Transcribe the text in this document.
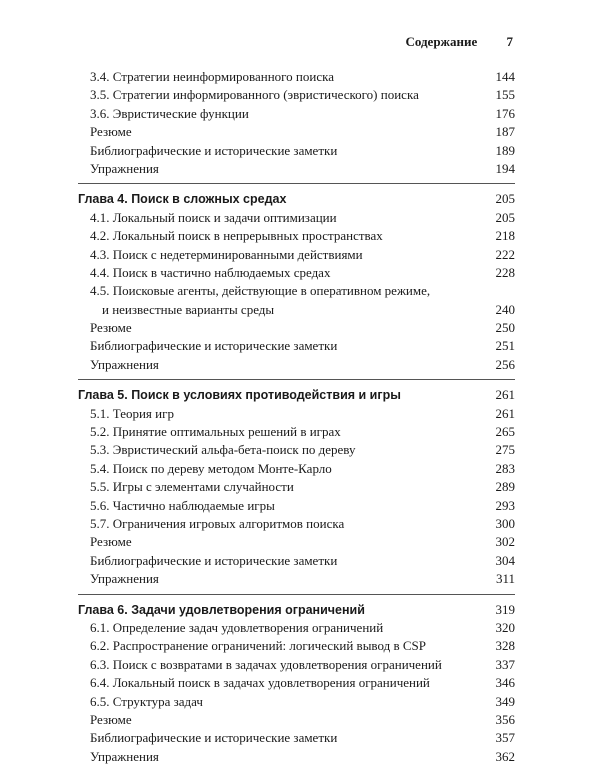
Содержание 7
3.4. Стратегии неинформированного поиска	144
3.5. Стратегии информированного (эвристического) поиска	155
3.6. Эвристические функции	176
Резюме	187
Библиографические и исторические заметки	189
Упражнения	194
Глава 4. Поиск в сложных средах	205
4.1. Локальный поиск и задачи оптимизации	205
4.2. Локальный поиск в непрерывных пространствах	218
4.3. Поиск с недетерминированными действиями	222
4.4. Поиск в частично наблюдаемых средах	228
4.5. Поисковые агенты, действующие в оперативном режиме,
и неизвестные варианты среды	240
Резюме	250
Библиографические и исторические заметки	251
Упражнения	256
Глава 5. Поиск в условиях противодействия и игры	261
5.1. Теория игр	261
5.2. Принятие оптимальных решений в играх	265
5.3. Эвристический альфа-бета-поиск по дереву	275
5.4. Поиск по дереву методом Монте-Карло	283
5.5. Игры с элементами случайности	289
5.6. Частично наблюдаемые игры	293
5.7. Ограничения игровых алгоритмов поиска	300
Резюме	302
Библиографические и исторические заметки	304
Упражнения	311
Глава 6. Задачи удовлетворения ограничений	319
6.1. Определение задач удовлетворения ограничений	320
6.2. Распространение ограничений: логический вывод в CSP	328
6.3. Поиск с возвратами в задачах удовлетворения ограничений	337
6.4. Локальный поиск в задачах удовлетворения ограничений	346
6.5. Структура задач	349
Резюме	356
Библиографические и исторические заметки	357
Упражнения	362
